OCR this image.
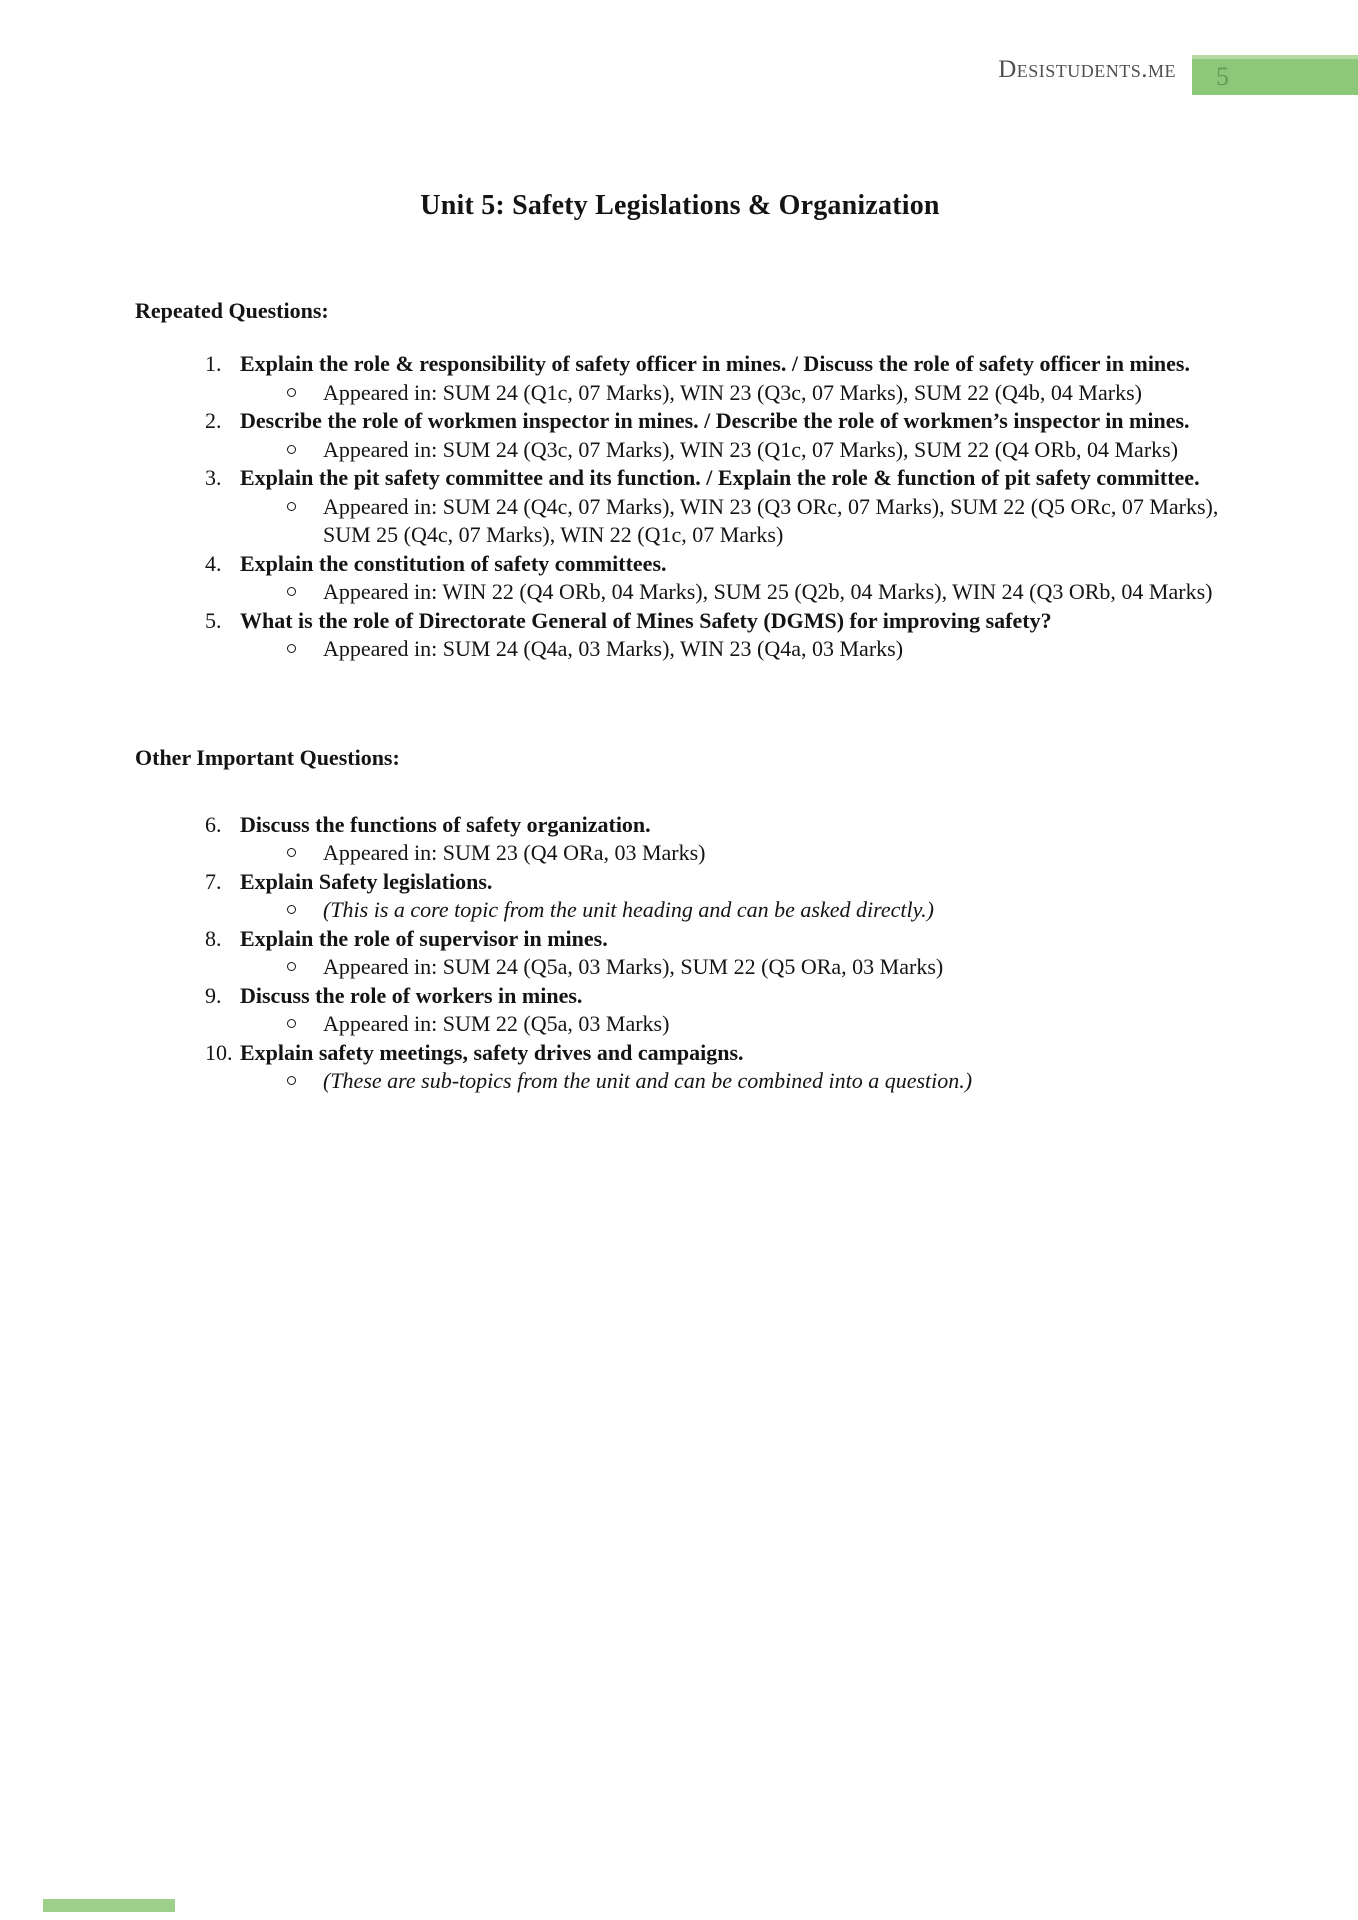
Desistudents.me 5
Unit 5: Safety Legislations & Organization
Repeated Questions:
1. Explain the role & responsibility of safety officer in mines. / Discuss the role of safety officer in mines.
Appeared in: SUM 24 (Q1c, 07 Marks), WIN 23 (Q3c, 07 Marks), SUM 22 (Q4b, 04 Marks)
2. Describe the role of workmen inspector in mines. / Describe the role of workmen’s inspector in mines.
Appeared in: SUM 24 (Q3c, 07 Marks), WIN 23 (Q1c, 07 Marks), SUM 22 (Q4 ORb, 04 Marks)
3. Explain the pit safety committee and its function. / Explain the role & function of pit safety committee.
Appeared in: SUM 24 (Q4c, 07 Marks), WIN 23 (Q3 ORc, 07 Marks), SUM 22 (Q5 ORc, 07 Marks), SUM 25 (Q4c, 07 Marks), WIN 22 (Q1c, 07 Marks)
4. Explain the constitution of safety committees.
Appeared in: WIN 22 (Q4 ORb, 04 Marks), SUM 25 (Q2b, 04 Marks), WIN 24 (Q3 ORb, 04 Marks)
5. What is the role of Directorate General of Mines Safety (DGMS) for improving safety?
Appeared in: SUM 24 (Q4a, 03 Marks), WIN 23 (Q4a, 03 Marks)
Other Important Questions:
6. Discuss the functions of safety organization.
Appeared in: SUM 23 (Q4 ORa, 03 Marks)
7. Explain Safety legislations.
(This is a core topic from the unit heading and can be asked directly.)
8. Explain the role of supervisor in mines.
Appeared in: SUM 24 (Q5a, 03 Marks), SUM 22 (Q5 ORa, 03 Marks)
9. Discuss the role of workers in mines.
Appeared in: SUM 22 (Q5a, 03 Marks)
10. Explain safety meetings, safety drives and campaigns.
(These are sub-topics from the unit and can be combined into a question.)
